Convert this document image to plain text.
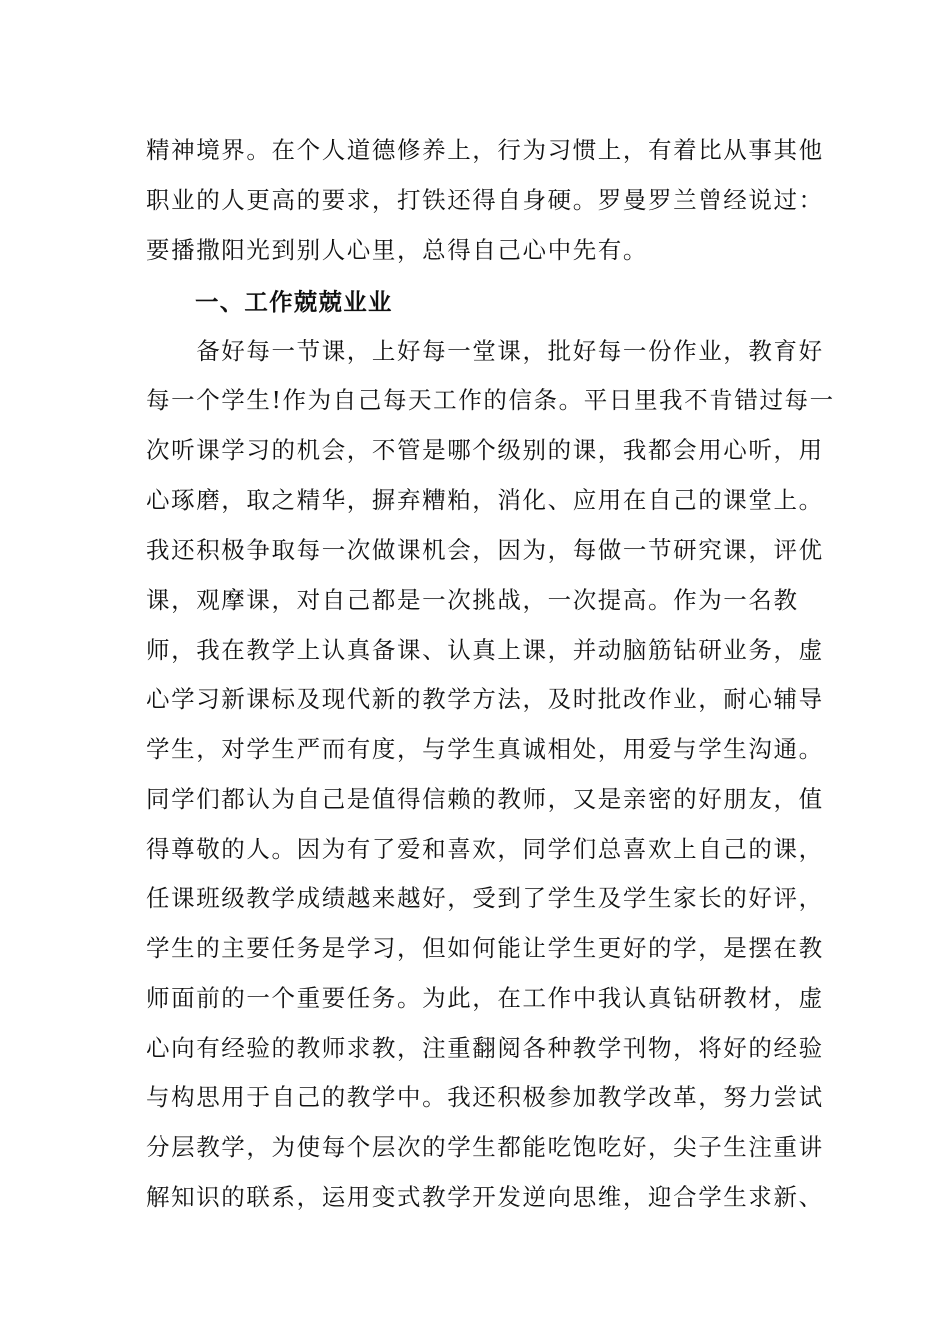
精神境界。在个人道德修养上，行为习惯上，有着比从事其他
职业的人更高的要求，打铁还得自身硬。罗曼罗兰曾经说过：
要播撒阳光到别人心里，总得自己心中先有。
一、工作兢兢业业
　　备好每一节课，上好每一堂课，批好每一份作业，教育好
每一个学生!作为自己每天工作的信条。平日里我不肯错过每一
次听课学习的机会，不管是哪个级别的课，我都会用心听，用
心琢磨，取之精华，摒弃糟粕，消化、应用在自己的课堂上。
我还积极争取每一次做课机会，因为，每做一节研究课，评优
课，观摩课，对自己都是一次挑战，一次提高。作为一名教
师，我在教学上认真备课、认真上课，并动脑筋钻研业务，虚
心学习新课标及现代新的教学方法，及时批改作业，耐心辅导
学生，对学生严而有度，与学生真诚相处，用爱与学生沟通。
同学们都认为自己是值得信赖的教师，又是亲密的好朋友，值
得尊敬的人。因为有了爱和喜欢，同学们总喜欢上自己的课，
任课班级教学成绩越来越好，受到了学生及学生家长的好评，
学生的主要任务是学习，但如何能让学生更好的学，是摆在教
师面前的一个重要任务。为此，在工作中我认真钻研教材，虚
心向有经验的教师求教，注重翻阅各种教学刊物，将好的经验
与构思用于自己的教学中。我还积极参加教学改革，努力尝试
分层教学，为使每个层次的学生都能吃饱吃好，尖子生注重讲
解知识的联系，运用变式教学开发逆向思维，迎合学生求新、
